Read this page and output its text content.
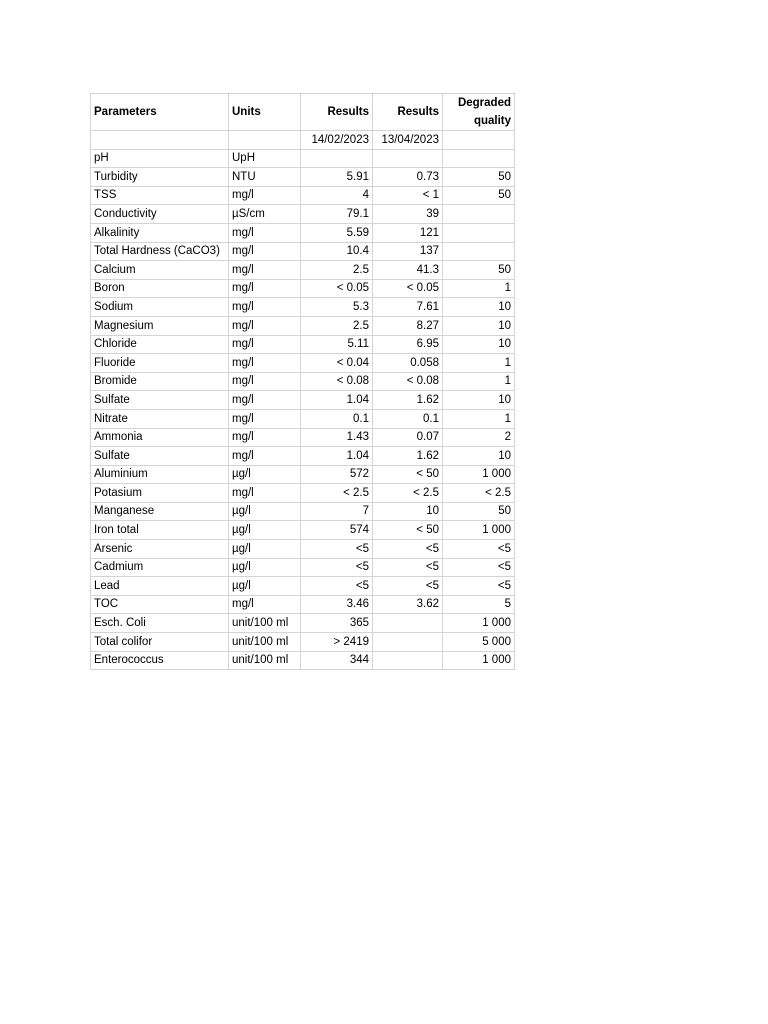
Parameters	Units	Results	Results	Degraded
quality

		14/02/2023	13/04/2023	
pH	UpH			
Turbidity	NTU	5.91	0.73	50
TSS	mg/l	4	< 1	50
Conductivity	µS/cm	79.1	39	
Alkalinity	mg/l	5.59	121	
Total Hardness (CaCO3)	mg/l	10.4	137	
Calcium	mg/l	2.5	41.3	50
Boron	mg/l	< 0.05	< 0.05	1
Sodium	mg/l	5.3	7.61	10
Magnesium	mg/l	2.5	8.27	10
Chloride	mg/l	5.11	6.95	10
Fluoride	mg/l	< 0.04	0.058	1
Bromide	mg/l	< 0.08	< 0.08	1
Sulfate	mg/l	1.04	1.62	10
Nitrate	mg/l	0.1	0.1	1
Ammonia	mg/l	1.43	0.07	2
Sulfate	mg/l	1.04	1.62	10
Aluminium	µg/l	572	< 50	1 000
Potasium	mg/l	< 2.5	< 2.5	< 2.5
Manganese	µg/l	7	10	50
Iron total	µg/l	574	< 50	1 000
Arsenic	µg/l	<5	<5	<5
Cadmium	µg/l	<5	<5	<5
Lead	µg/l	<5	<5	<5
TOC	mg/l	3.46	3.62	5
Esch. Coli	unit/100 ml	365		1 000
Total colifor	unit/100 ml	> 2419		5 000
Enterococcus	unit/100 ml	344		1 000
